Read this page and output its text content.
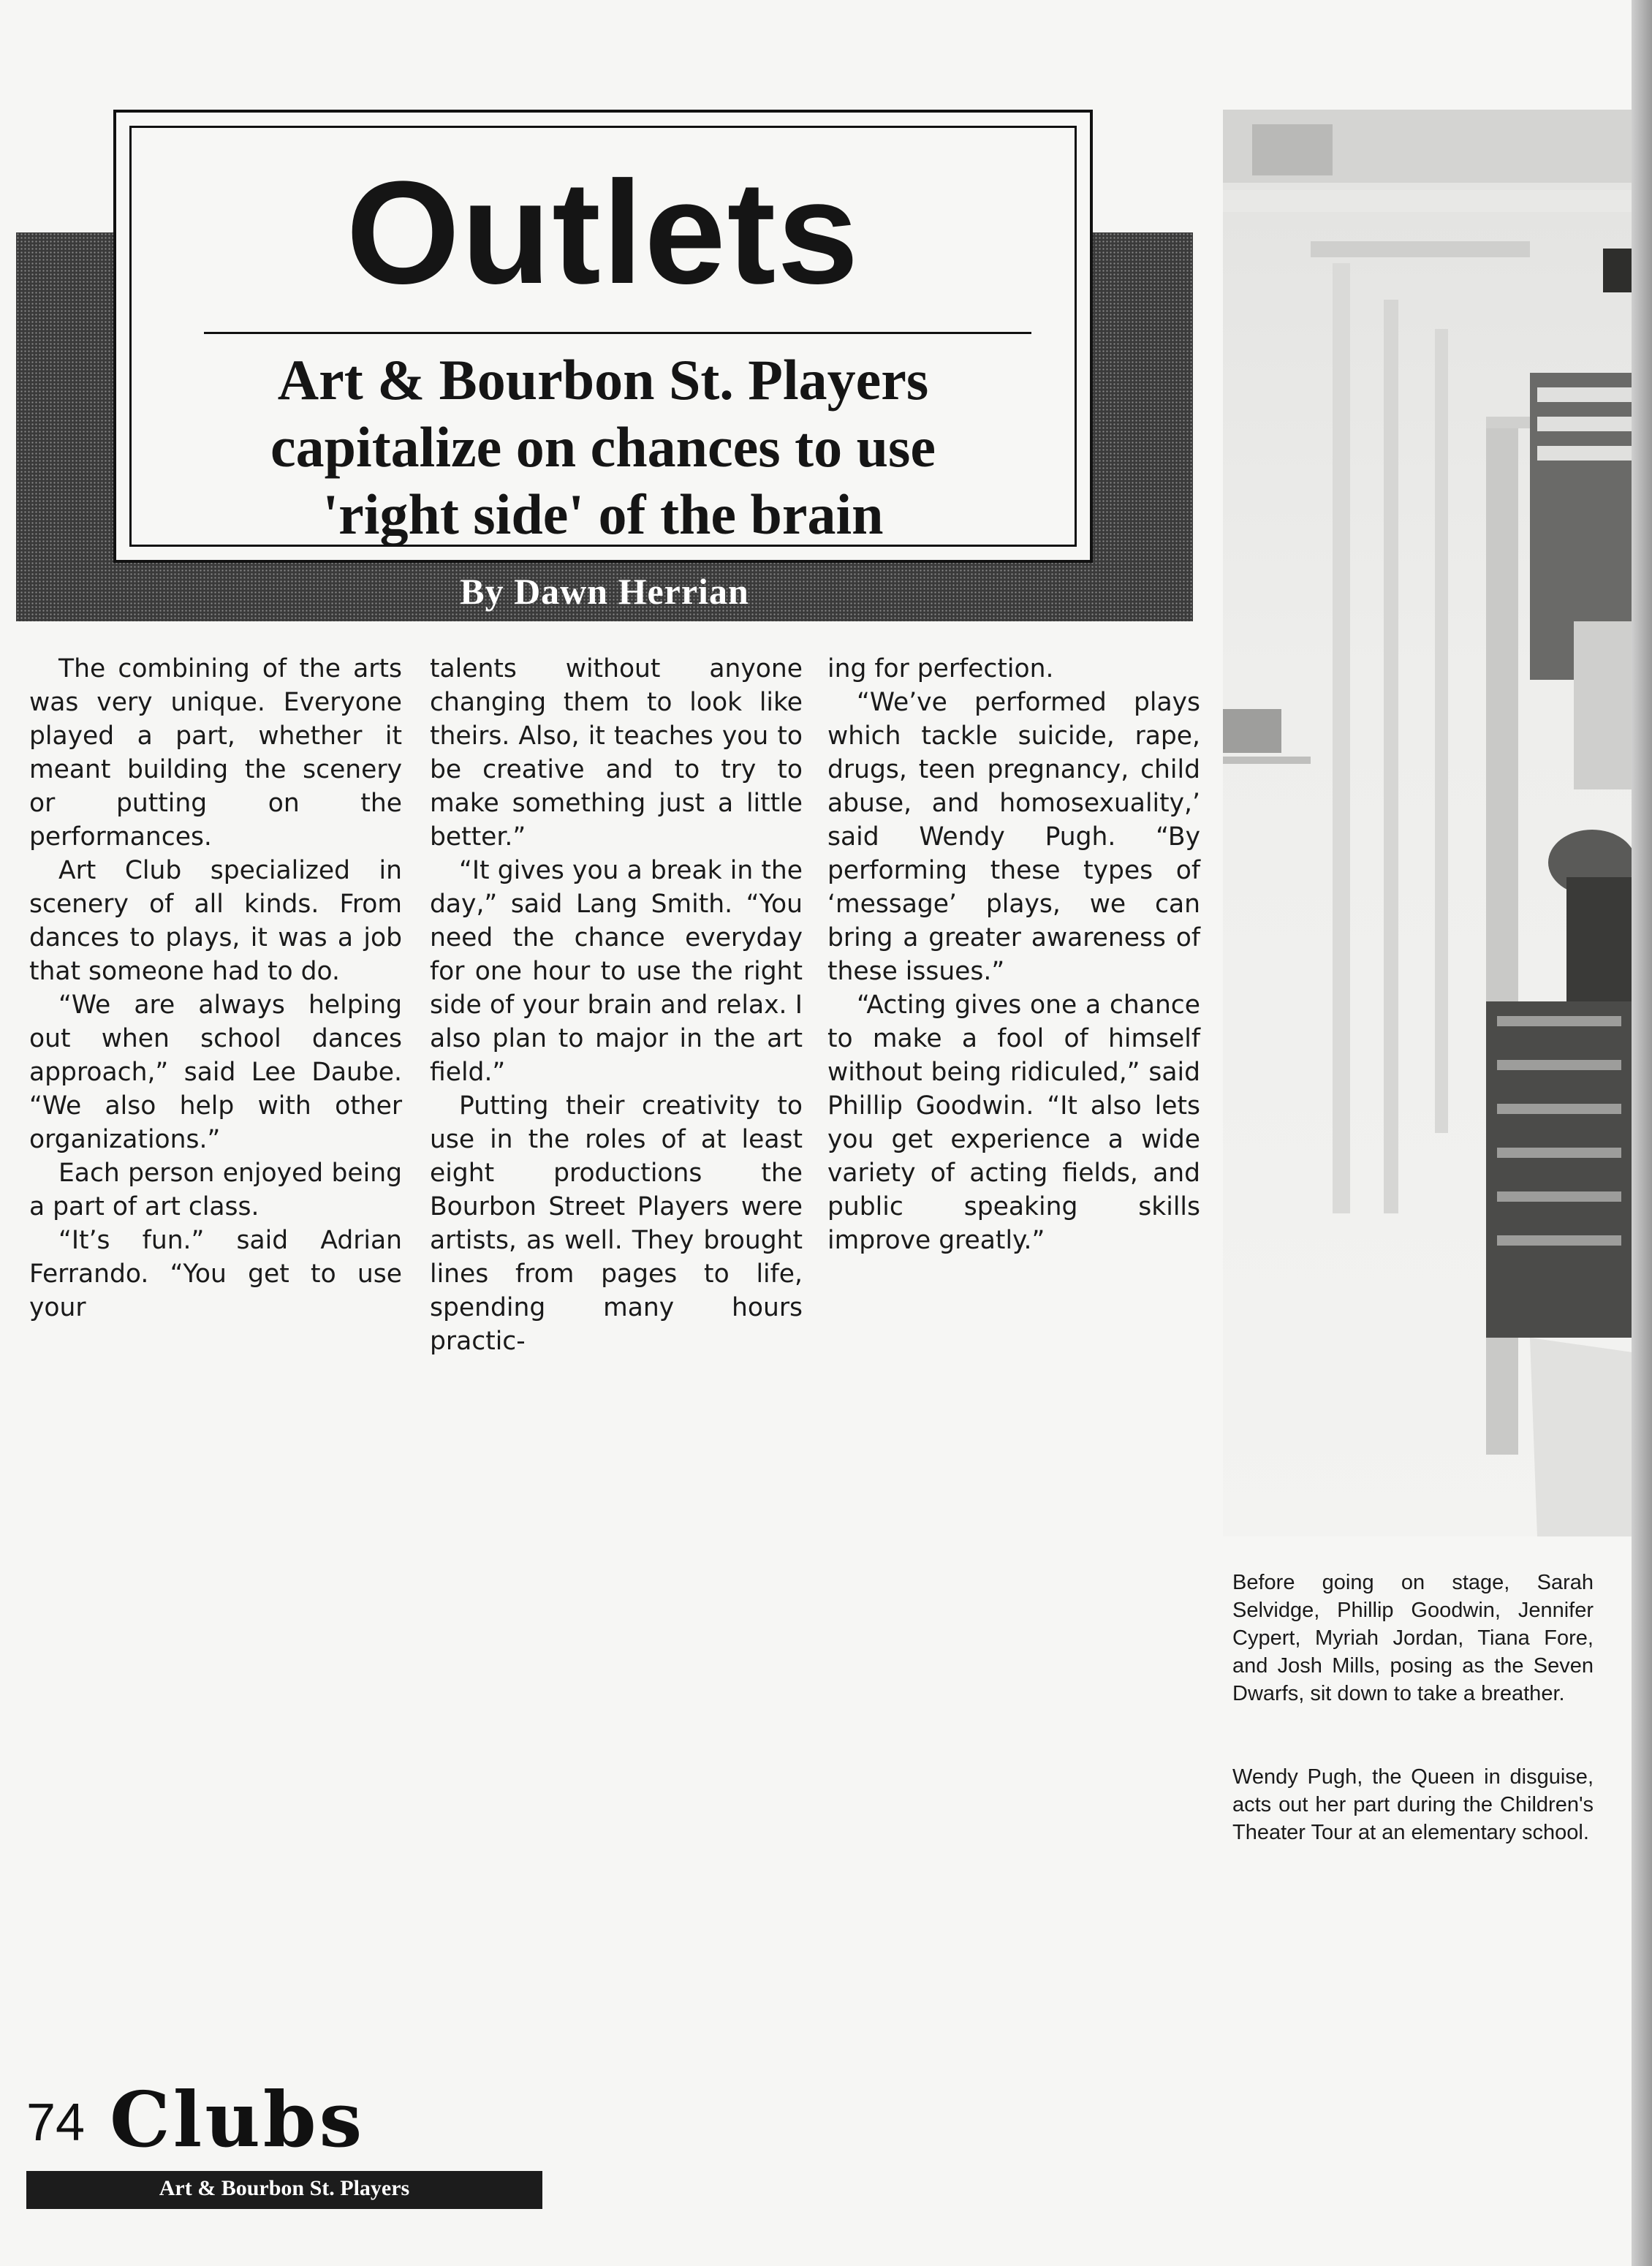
Outlets
Art & Bourbon St. Players
capitalize on chances to use
'right side' of the brain
By Dawn Herrian

The combining of the arts was very unique. Everyone played a part, whether it meant building the scenery or putting on the performances.

Art Club specialized in scenery of all kinds. From dances to plays, it was a job that someone had to do.

“We are always helping out when school dances approach,” said Lee Daube. “We also help with other organizations.”

Each person enjoyed being a part of art class.

“It’s fun.” said Adrian Ferrando. “You get to use your

talents without anyone changing them to look like theirs. Also, it teaches you to be creative and to try to make something just a little better.”

“It gives you a break in the day,” said Lang Smith. “You need the chance everyday for one hour to use the right side of your brain and relax. I also plan to major in the art field.”

Putting their creativity to use in the roles of at least eight productions the Bourbon Street Players were artists, as well. They brought lines from pages to life, spending many hours practic-

ing for perfection.

“We’ve performed plays which tackle suicide, rape, drugs, teen pregnancy, child abuse, and homosexuality,’ said Wendy Pugh. “By performing these types of ‘message’ plays, we can bring a greater awareness of these issues.”

“Acting gives one a chance to make a fool of himself without being ridiculed,” said Phillip Goodwin. “It also lets you get experience a wide variety of acting fields, and public speaking skills improve greatly.”

Before going on stage, Sarah Selvidge, Phillip Goodwin, Jennifer Cypert, Myriah Jordan, Tiana Fore, and Josh Mills, posing as the Seven Dwarfs, sit down to take a breather.
Wendy Pugh, the Queen in disguise, acts out her part during the Children's Theater Tour at an elementary school.
74 Clubs
Art & Bourbon St. Players
